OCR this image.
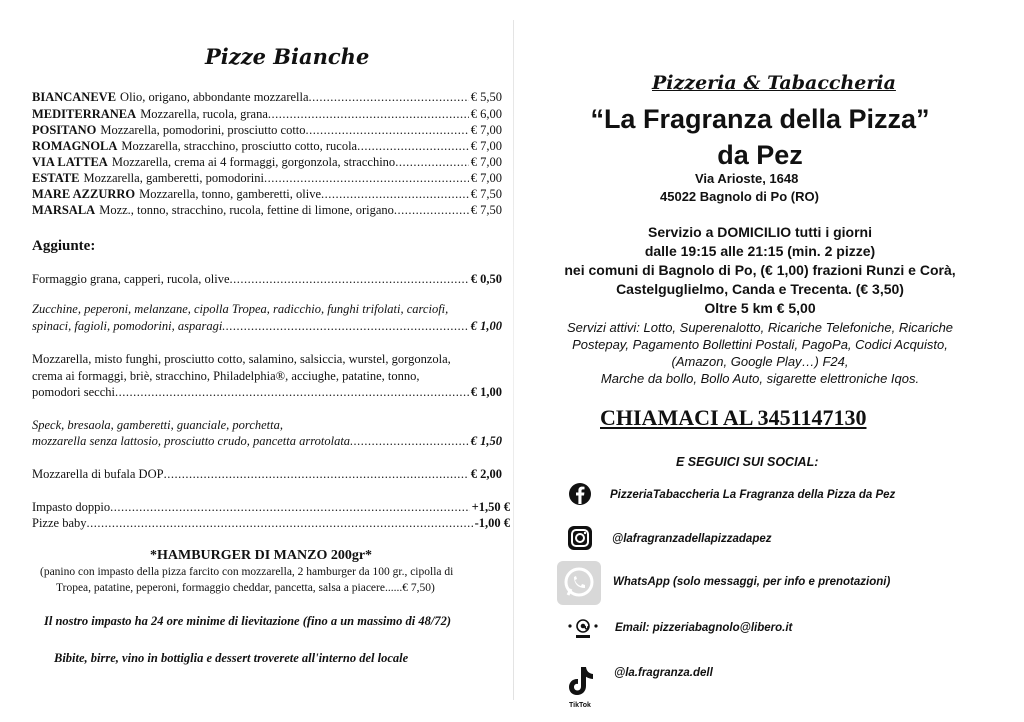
Pizze Bianche
BIANCANEVE Olio, origano, abbondante mozzarella .....	€ 5,50
MEDITERRANEA Mozzarella, rucola, grana .....	€ 6,00
POSITANO Mozzarella, pomodorini, prosciutto cotto .....	€ 7,00
ROMAGNOLA Mozzarella, stracchino, prosciutto cotto, rucola .....	€ 7,00
VIA LATTEA Mozzarella, crema ai 4 formaggi, gorgonzola, stracchino .....	€ 7,00
ESTATE Mozzarella, gamberetti, pomodorini .....	€ 7,00
MARE AZZURRO Mozzarella, tonno, gamberetti, olive .....	€ 7,50
MARSALA Mozz., tonno, stracchino, rucola, fettine di limone, origano .....	€ 7,50
Aggiunte:
Formaggio grana, capperi, rucola, olive .....	€ 0,50
Zucchine, peperoni, melanzane, cipolla Tropea, radicchio, funghi trifolati, carciofi,
spinaci, fagioli, pomodorini, asparagi .....	€ 1,00
Mozzarella, misto funghi, prosciutto cotto, salamino, salsiccia, wurstel, gorgonzola,
crema ai formaggi, briè, stracchino, Philadelphia®, acciughe, patatine, tonno,
pomodori secchi .....	€ 1,00
Speck, bresaola, gamberetti, guanciale, porchetta,
mozzarella senza lattosio, prosciutto crudo, pancetta arrotolata .....	€ 1,50
Mozzarella di bufala DOP .....	€ 2,00
Impasto doppio .....	+1,50 €
Pizze baby .....	-1,00 €
*HAMBURGER DI MANZO 200gr*
(panino con impasto della pizza farcito con mozzarella, 2 hamburger da 100 gr., cipolla di
Tropea, patatine, peperoni, formaggio cheddar, pancetta, salsa a piacere......€ 7,50)
Il nostro impasto ha 24 ore minime di lievitazione (fino a un massimo di 48/72)
Bibite, birre, vino in bottiglia e dessert troverete all'interno del locale
Pizzeria & Tabaccheria
“La Fragranza della Pizza”
da Pez
Via Arioste, 1648
45022 Bagnolo di Po (RO)
Servizio a DOMICILIO tutti i giorni
dalle 19:15 alle 21:15 (min. 2 pizze)
nei comuni di Bagnolo di Po, (€ 1,00) frazioni Runzi e Corà,
Castelguglielmo, Canda e Trecenta. (€ 3,50)
Oltre 5 km € 5,00
Servizi attivi: Lotto, Superenalotto, Ricariche Telefoniche, Ricariche
Postepay, Pagamento Bollettini Postali, PagoPa, Codici Acquisto,
(Amazon, Google Play…) F24,
Marche da bollo, Bollo Auto, sigarette elettroniche Iqos.
CHIAMACI AL 3451147130
E SEGUICI SUI SOCIAL:
PizzeriaTabaccheria La Fragranza della Pizza da Pez
@lafragranzadellapizzadapez
WhatsApp (solo messaggi, per info e prenotazioni)
Email: pizzeriabagnolo@libero.it
TikTok
@la.fragranza.dell
